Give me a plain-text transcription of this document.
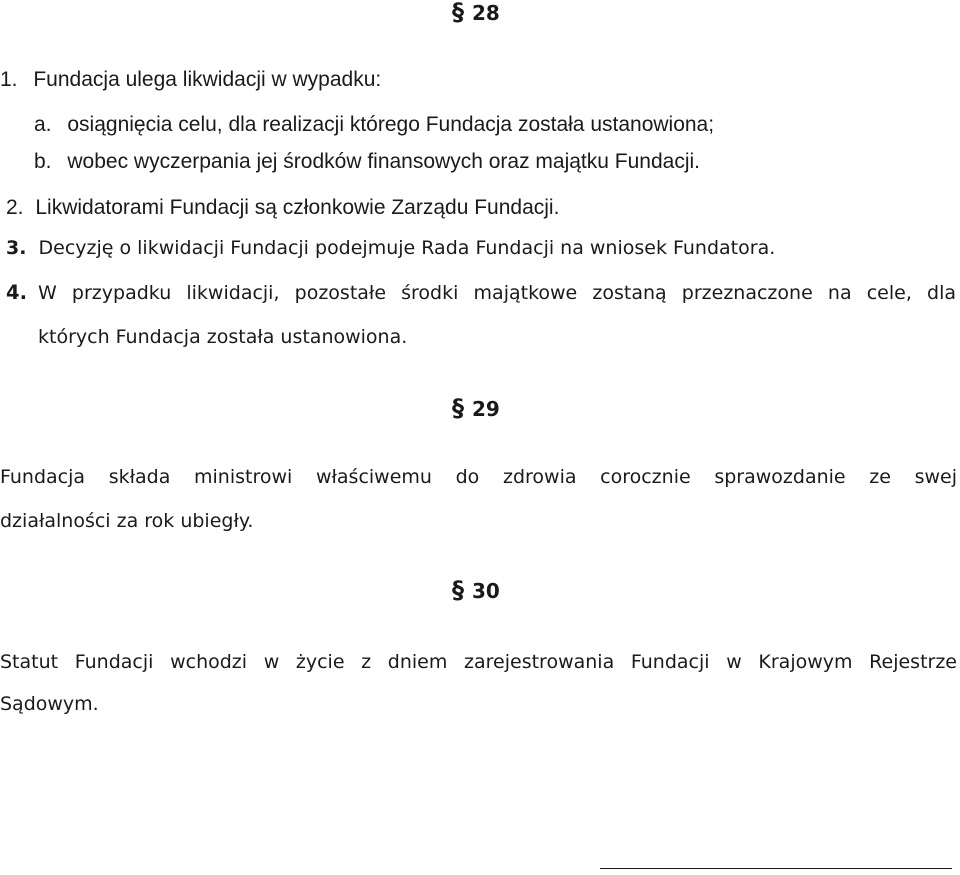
§ 28
1. Fundacja ulega likwidacji w wypadku:
a. osiągnięcia celu, dla realizacji którego Fundacja została ustanowiona;
b. wobec wyczerpania jej środków finansowych oraz majątku Fundacji.
2. Likwidatorami Fundacji są członkowie Zarządu Fundacji.
3. Decyzję o likwidacji Fundacji podejmuje Rada Fundacji na wniosek Fundatora.
4. W przypadku likwidacji, pozostałe środki majątkowe zostaną przeznaczone na cele, dla
których Fundacja została ustanowiona.
§ 29
Fundacja składa ministrowi właściwemu do zdrowia corocznie sprawozdanie ze swej
działalności za rok ubiegły.
§ 30
Statut Fundacji wchodzi w życie z dniem zarejestrowania Fundacji w Krajowym Rejestrze
Sądowym.
